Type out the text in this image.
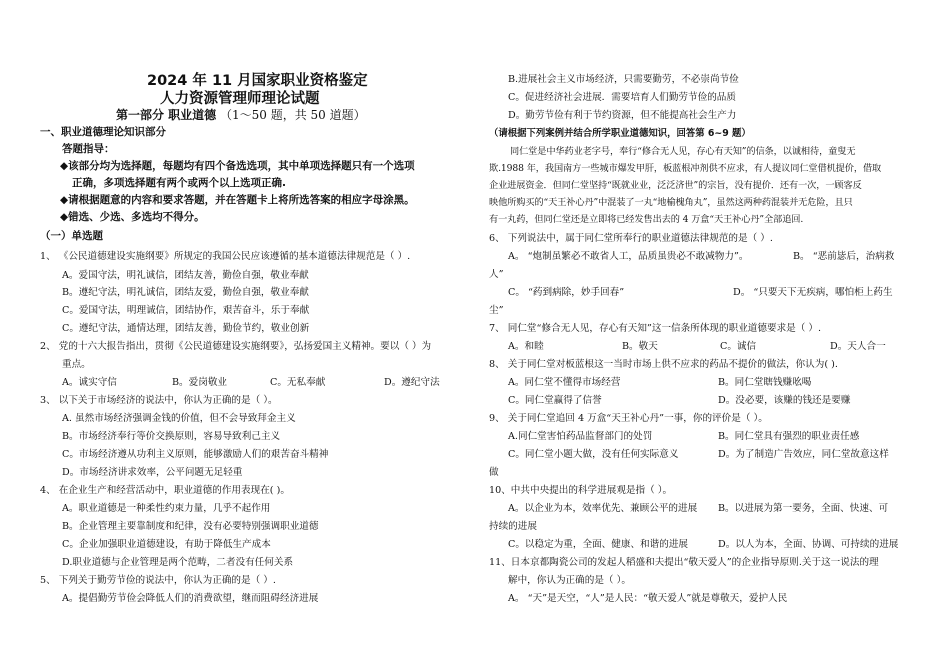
2024 年 11 月国家职业资格鉴定
人力资源管理师理论试题
第一部分 职业道德 （1～50 题，共 50 道题）
一、职业道德理论知识部分
答题指导：
◆该部分均为选择题，每题均有四个备选选项，其中单项选择题只有一个选项
正确，多项选择题有两个或两个以上选项正确.
◆请根据题意的内容和要求答题，并在答题卡上将所选答案的相应字母涂黑。
◆错选、少选、多选均不得分。
（一）单选题
1、 《公民道德建设实施纲要》所规定的我国公民应该遵循的基本道德法律规范是（ ）.
A。爱国守法，明礼诚信，团结友善，勤俭自强，敬业奉献
B。遵纪守法，明礼诚信，团结友爱，勤俭自强，敬业奉献
C。爱国守法，明理诚信，团结协作，艰苦奋斗，乐于奉献
C。遵纪守法，通情达理，团结友善，勤俭节约，敬业创新
2、 党的十六大报告指出，贯彻《公民道德建设实施纲要》，弘扬爱国主义精神。要以（ ）为
重点。
A。诚实守信	B。爱岗敬业	C。无私奉献	D。遵纪守法
3、 以下关于市场经济的说法中，你认为正确的是（ ）。
A. 虽然市场经济强调金钱的价值，但不会导致拜金主义
B。市场经济奉行等价交换原则，容易导致利己主义
C。市场经济遵从功利主义原则，能够激励人们的艰苦奋斗精神
D。市场经济讲求效率，公平问题无足轻重
4、 在企业生产和经营活动中，职业道德的作用表现在( )。
A。职业道德是一种柔性约束力量，几乎不起作用
B。企业管理主要靠制度和纪律，没有必要特别强调职业道德
C。企业加强职业道德建设，有助于降低生产成本
D.职业道德与企业管理是两个范畴，二者没有任何关系
5、 下列关于勤劳节俭的说法中，你认为正确的是（ ）.
A。提倡勤劳节俭会降低人们的消费欲望，继而阻碍经济进展
B.进展社会主义市场经济，只需要勤劳，不必崇尚节俭
C。促进经济社会进展．需要培育人们勤劳节俭的品质
D。勤劳节俭有利于节约资源，但不能提高社会生产力
（请根据下列案例并结合所学职业道德知识，回答第 6~9 题）
同仁堂是中华药业老字号，奉行“修合无人见，存心有天知”的信条，以诚相待，童叟无
欺.1988 年，我国南方一些城市爆发甲肝，板蓝根冲剂供不应求，有人提议同仁堂借机提价，借取
企业进展资金．但同仁堂坚持“既就业业，泛泛济世”的宗旨，没有提价．还有一次，一顾客反
映他所购买的“天王补心丹”中混装了一丸“地榆槐角丸”，虽然这两种药混装并无危险，且只
有一丸药，但同仁堂还是立即将已经发售出去的 4 万盒“天王补心丹”全部追回.
6、 下列说法中，属于同仁堂所奉行的职业道德法律规范的是（ ）.
A。 “炮制虽繁必不敢省人工，品质虽贵必不敢减物力”。	B。 “恶前毖后，治病救
人”
C。 “药到病除，妙手回春”	D。 “只要天下无疾病，哪怕柜上药生
尘”
7、 同仁堂“修合无人见，存心有天知”这一信条所体现的职业道德要求是（ ）.
A。和睦	B。敬天	C。诚信	D。天人合一
8、 关于同仁堂对板蓝根这一当时市场上供不应求的药品不提价的做法，你认为( ).
A。同仁堂不懂得市场经营	B。同仁堂瞎钱赚吆喝
C。同仁堂赢得了信誉	D。没必要，该赚的钱还是要赚
9、 关于同仁堂追回 4 万盒“天王补心丹”一事，你的评价是（ ）。
A.同仁堂害怕药品监督部门的处罚	B。同仁堂具有强烈的职业责任感
C。同仁堂小题大做，没有任何实际意义	D。为了制造广告效应，同仁堂故意这样
做
10、中共中央提出的科学进展观是指（ ）。
A。以企业为本，效率优先、兼顾公平的进展 B。以进展为第一要务，全面、快速、可
持续的进展
C。以稳定为重，全面、健康、和谐的进展	D。以人为本，全面、协调、可持续的进展
11、日本京都陶瓷公司的发起人稻盛和夫提出“敬天爱人”的企业指导原则.关于这一说法的理
解中，你认为正确的是（ ）。
A。 “天”是天空，“人”是人民：“敬天爱人”就是尊敬天，爱护人民
